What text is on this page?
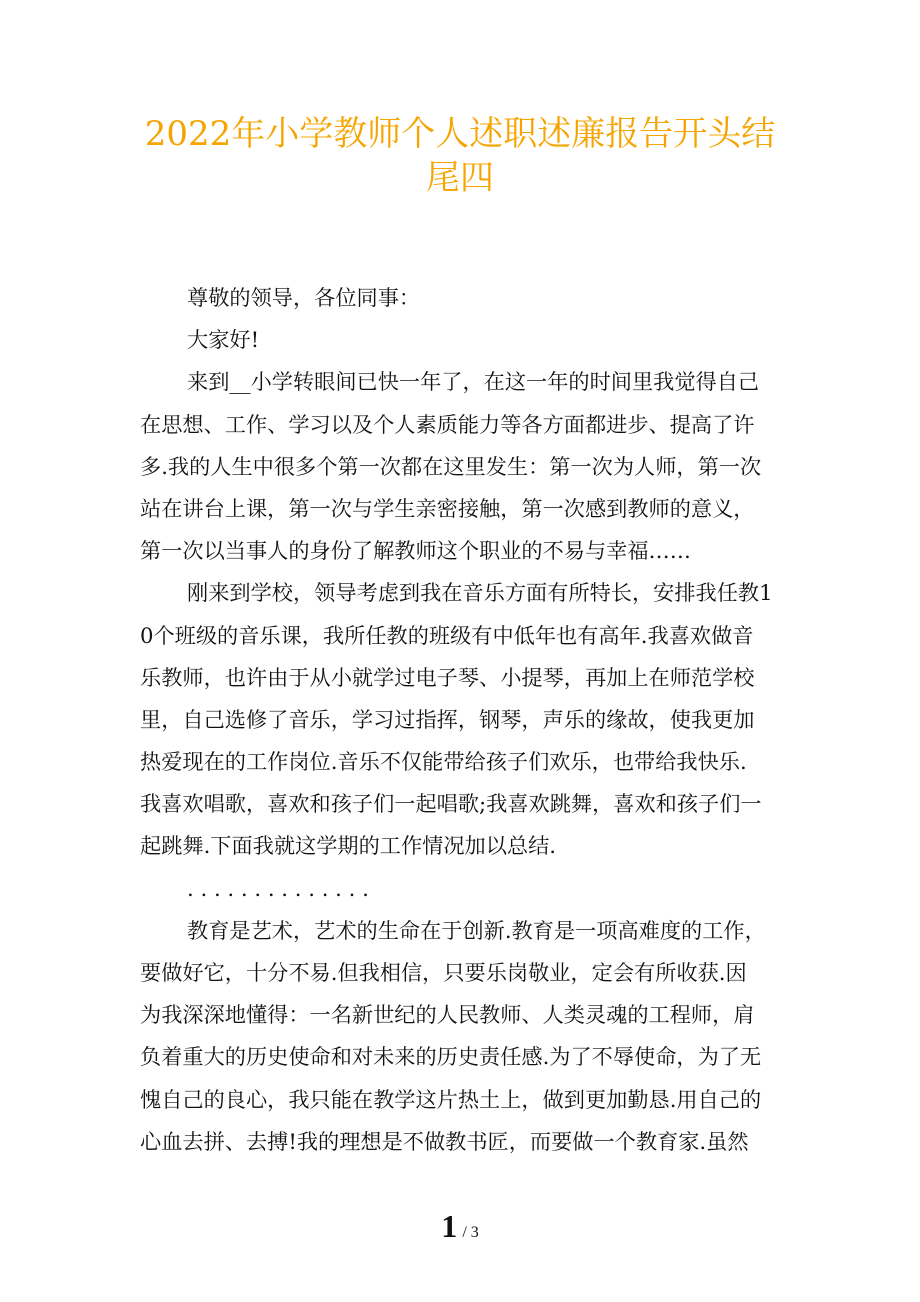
2022年小学教师个人述职述廉报告开头结
尾四
尊敬的领导，各位同事：
大家好!
来到__小学转眼间已快一年了，在这一年的时间里我觉得自己
在思想、工作、学习以及个人素质能力等各方面都进步、提高了许
多.我的人生中很多个第一次都在这里发生：第一次为人师，第一次
站在讲台上课，第一次与学生亲密接触，第一次感到教师的意义，
第一次以当事人的身份了解教师这个职业的不易与幸福……
刚来到学校，领导考虑到我在音乐方面有所特长，安排我任教1
0个班级的音乐课，我所任教的班级有中低年也有高年.我喜欢做音
乐教师，也许由于从小就学过电子琴、小提琴，再加上在师范学校
里，自己选修了音乐，学习过指挥，钢琴，声乐的缘故，使我更加
热爱现在的工作岗位.音乐不仅能带给孩子们欢乐，也带给我快乐.
我喜欢唱歌，喜欢和孩子们一起唱歌;我喜欢跳舞，喜欢和孩子们一
起跳舞.下面我就这学期的工作情况加以总结.
. . . . . . . . . . . . . .
教育是艺术，艺术的生命在于创新.教育是一项高难度的工作，
要做好它，十分不易.但我相信，只要乐岗敬业，定会有所收获.因
为我深深地懂得：一名新世纪的人民教师、人类灵魂的工程师，肩
负着重大的历史使命和对未来的历史责任感.为了不辱使命，为了无
愧自己的良心，我只能在教学这片热土上，做到更加勤恳.用自己的
心血去拼、去搏!我的理想是不做教书匠，而要做一个教育家.虽然
1 / 3
